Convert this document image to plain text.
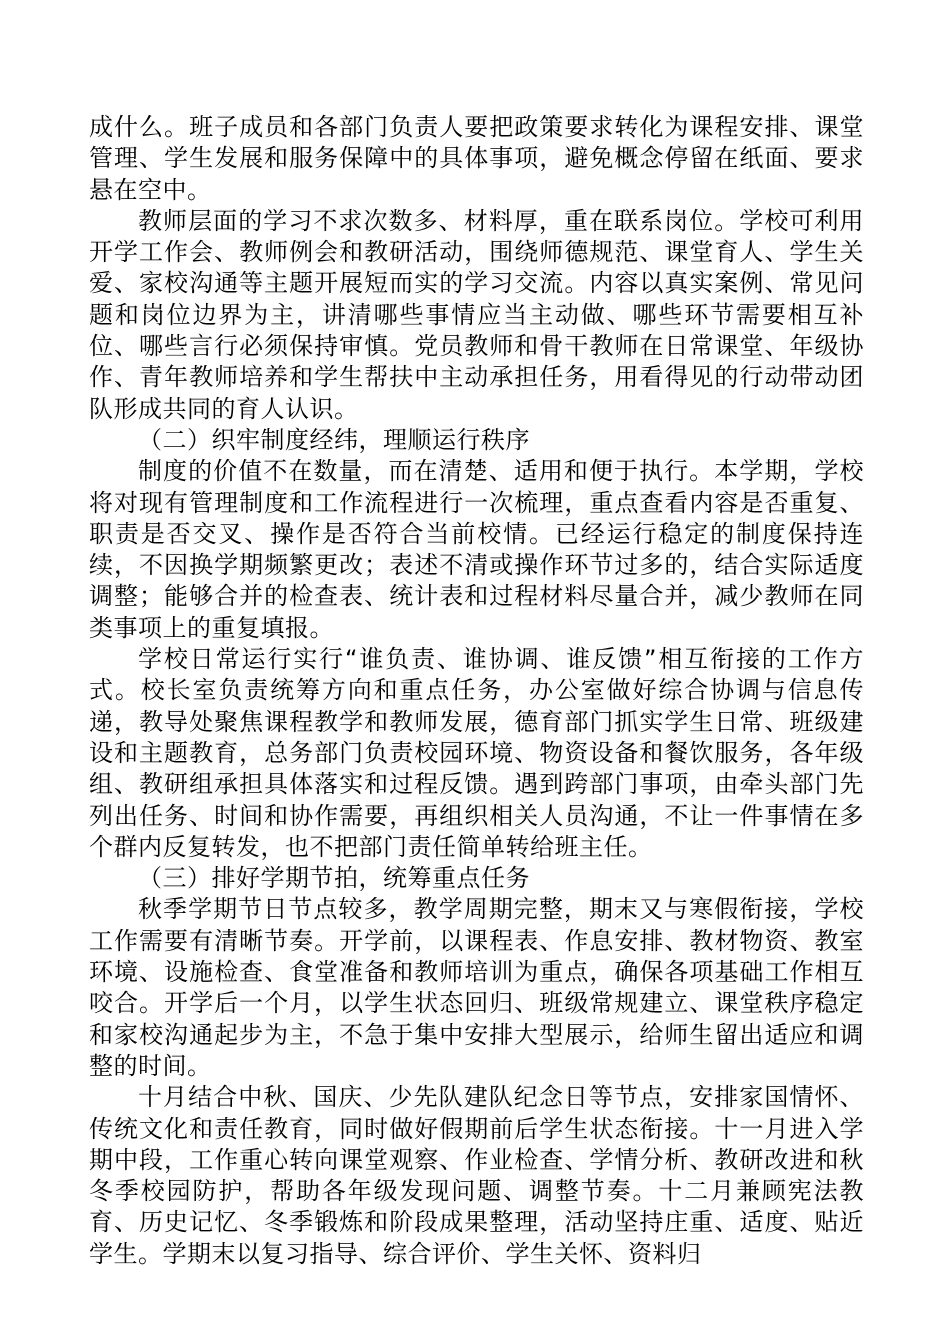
成什么。班子成员和各部门负责人要把政策要求转化为课程安排、课堂管理、学生发展和服务保障中的具体事项，避免概念停留在纸面、要求悬在空中。

教师层面的学习不求次数多、材料厚，重在联系岗位。学校可利用开学工作会、教师例会和教研活动，围绕师德规范、课堂育人、学生关爱、家校沟通等主题开展短而实的学习交流。内容以真实案例、常见问题和岗位边界为主，讲清哪些事情应当主动做、哪些环节需要相互补位、哪些言行必须保持审慎。党员教师和骨干教师在日常课堂、年级协作、青年教师培养和学生帮扶中主动承担任务，用看得见的行动带动团队形成共同的育人认识。

（二）织牢制度经纬，理顺运行秩序

制度的价值不在数量，而在清楚、适用和便于执行。本学期，学校将对现有管理制度和工作流程进行一次梳理，重点查看内容是否重复、职责是否交叉、操作是否符合当前校情。已经运行稳定的制度保持连续，不因换学期频繁更改；表述不清或操作环节过多的，结合实际适度调整；能够合并的检查表、统计表和过程材料尽量合并，减少教师在同类事项上的重复填报。

学校日常运行实行“谁负责、谁协调、谁反馈”相互衔接的工作方式。校长室负责统筹方向和重点任务，办公室做好综合协调与信息传递，教导处聚焦课程教学和教师发展，德育部门抓实学生日常、班级建设和主题教育，总务部门负责校园环境、物资设备和餐饮服务，各年级组、教研组承担具体落实和过程反馈。遇到跨部门事项，由牵头部门先列出任务、时间和协作需要，再组织相关人员沟通，不让一件事情在多个群内反复转发，也不把部门责任简单转给班主任。

（三）排好学期节拍，统筹重点任务

秋季学期节日节点较多，教学周期完整，期末又与寒假衔接，学校工作需要有清晰节奏。开学前，以课程表、作息安排、教材物资、教室环境、设施检查、食堂准备和教师培训为重点，确保各项基础工作相互咬合。开学后一个月，以学生状态回归、班级常规建立、课堂秩序稳定和家校沟通起步为主，不急于集中安排大型展示，给师生留出适应和调整的时间。

十月结合中秋、国庆、少先队建队纪念日等节点，安排家国情怀、传统文化和责任教育，同时做好假期前后学生状态衔接。十一月进入学期中段，工作重心转向课堂观察、作业检查、学情分析、教研改进和秋冬季校园防护，帮助各年级发现问题、调整节奏。十二月兼顾宪法教育、历史记忆、冬季锻炼和阶段成果整理，活动坚持庄重、适度、贴近学生。学期末以复习指导、综合评价、学生关怀、资料归
